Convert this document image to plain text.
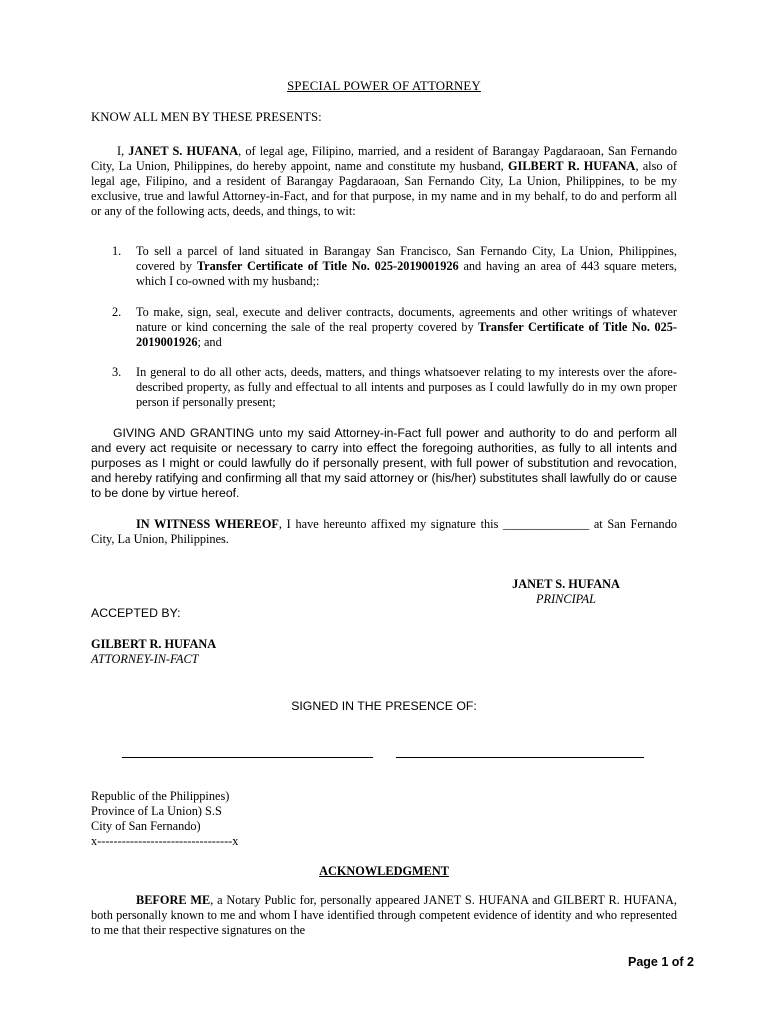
SPECIAL POWER OF ATTORNEY
KNOW ALL MEN BY THESE PRESENTS:
I, JANET S. HUFANA, of legal age, Filipino, married, and a resident of Barangay Pagdaraoan, San Fernando City, La Union, Philippines, do hereby appoint, name and constitute my husband, GILBERT R. HUFANA, also of legal age, Filipino, and a resident of Barangay Pagdaraoan, San Fernando City, La Union, Philippines, to be my exclusive, true and lawful Attorney-in-Fact, and for that purpose, in my name and in my behalf, to do and perform all or any of the following acts, deeds, and things, to wit:
1.	To sell a parcel of land situated in Barangay San Francisco, San Fernando City, La Union, Philippines, covered by Transfer Certificate of Title No. 025-2019001926 and having an area of 443 square meters, which I co-owned with my husband;:
2.	To make, sign, seal, execute and deliver contracts, documents, agreements and other writings of whatever nature or kind concerning the sale of the real property covered by Transfer Certificate of Title No. 025-2019001926; and
3.	In general to do all other acts, deeds, matters, and things whatsoever relating to my interests over the afore-described property, as fully and effectual to all intents and purposes as I could lawfully do in my own proper person if personally present;
GIVING AND GRANTING unto my said Attorney-in-Fact full power and authority to do and perform all and every act requisite or necessary to carry into effect the foregoing authorities, as fully to all intents and purposes as I might or could lawfully do if personally present, with full power of substitution and revocation, and hereby ratifying and confirming all that my said attorney or (his/her) substitutes shall lawfully do or cause to be done by virtue hereof.
IN WITNESS WHEREOF, I have hereunto affixed my signature this ______________ at San Fernando City, La Union, Philippines.
JANET S. HUFANA
PRINCIPAL
ACCEPTED BY:
GILBERT R. HUFANA
ATTORNEY-IN-FACT
SIGNED IN THE PRESENCE OF:
Republic of the Philippines)
Province of La Union) S.S
City of San Fernando)
x---------------------------------x
ACKNOWLEDGMENT
BEFORE ME, a Notary Public for, personally appeared JANET S. HUFANA and GILBERT R. HUFANA, both personally known to me and whom I have identified through competent evidence of identity and who represented to me that their respective signatures on the
Page 1 of 2
